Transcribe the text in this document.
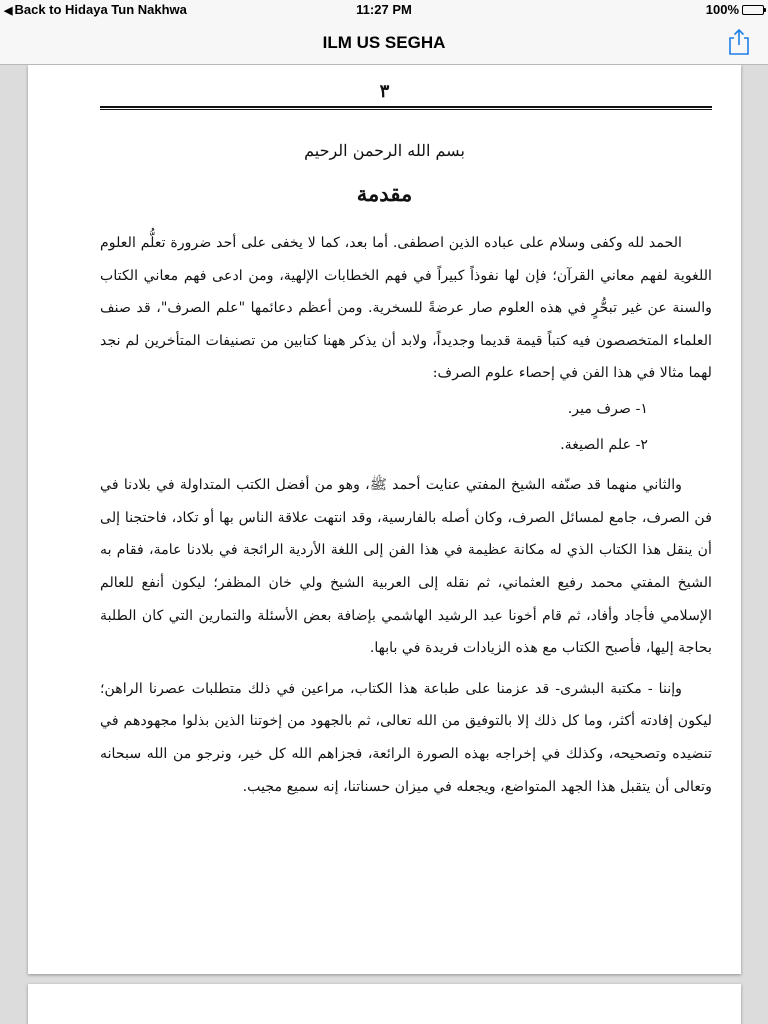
◀ Back to Hidaya Tun Nakhwa	11:27 PM	100%
ILM US SEGHA
٣
بسم الله الرحمن الرحيم
مقدمة

الحمد لله وكفى وسلام على عباده الذين اصطفى. أما بعد، كما لا يخفى على أحد ضرورة تعلُّم العلوم اللغوية لفهم معاني القرآن؛ فإن لها نفوذاً كبيراً في فهم الخطابات الإلهية، ومن ادعى فهم معاني الكتاب والسنة عن غير تبحُّرٍ في هذه العلوم صار عرضةً للسخرية. ومن أعظم دعائمها "علم الصرف"، قد صنف العلماء المتخصصون فيه كتباً قيمة قديما وجديداً، ولابد أن يذكر ههنا كتابين من تصنيفات المتأخرين لم نجد لهما مثالا في هذا الفن في إحصاء علوم الصرف:

١- صرف مير.

٢- علم الصيغة.

والثاني منهما قد صنّفه الشيخ المفتي عنايت أحمد ﷺ، وهو من أفضل الكتب المتداولة في بلادنا في فن الصرف، جامع لمسائل الصرف، وكان أصله بالفارسية، وقد انتهت علاقة الناس بها أو تكاد، فاحتجنا إلى أن ينقل هذا الكتاب الذي له مكانة عظيمة في هذا الفن إلى اللغة الأردية الرائجة في بلادنا عامة، فقام به الشيخ المفتي محمد رفيع العثماني، ثم نقله إلى العربية الشيخ ولي خان المظفر؛ ليكون أنفع للعالم الإسلامي فأجاد وأفاد، ثم قام أخونا عبد الرشيد الهاشمي بإضافة بعض الأسئلة والتمارين التي كان الطلبة بحاجة إليها، فأصبح الكتاب مع هذه الزيادات فريدة في بابها.

وإننا - مكتبة البشرى- قد عزمنا على طباعة هذا الكتاب، مراعين في ذلك متطلبات عصرنا الراهن؛ ليكون إفادته أكثر، وما كل ذلك إلا بالتوفيق من الله تعالى، ثم بالجهود من إخوتنا الذين بذلوا مجهودهم في تنضيده وتصحيحه، وكذلك في إخراجه بهذه الصورة الرائعة، فجزاهم الله كل خير، ونرجو من الله سبحانه وتعالى أن يتقبل هذا الجهد المتواضع، ويجعله في ميزان حسناتنا، إنه سميع مجيب.
